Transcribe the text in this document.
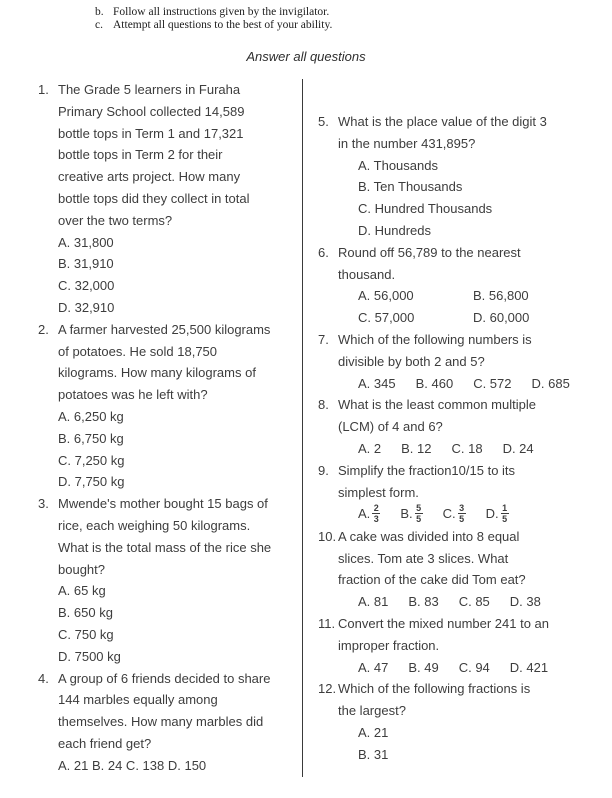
b. Follow all instructions given by the invigilator.
c. Attempt all questions to the best of your ability.
Answer all questions
1. The Grade 5 learners in Furaha
Primary School collected 14,589
bottle tops in Term 1 and 17,321
bottle tops in Term 2 for their
creative arts project. How many
bottle tops did they collect in total
over the two terms?
A. 31,800
B. 31,910
C. 32,000
D. 32,910
2. A farmer harvested 25,500 kilograms
of potatoes. He sold 18,750
kilograms. How many kilograms of
potatoes was he left with?
A. 6,250 kg
B. 6,750 kg
C. 7,250 kg
D. 7,750 kg
3. Mwende's mother bought 15 bags of
rice, each weighing 50 kilograms.
What is the total mass of the rice she
bought?
A. 65 kg
B. 650 kg
C. 750 kg
D. 7500 kg
4. A group of 6 friends decided to share
144 marbles equally among
themselves. How many marbles did
each friend get?
A. 21 B. 24 C. 138 D. 150
5. What is the place value of the digit 3
in the number 431,895?
A. Thousands
B. Ten Thousands
C. Hundred Thousands
D. Hundreds
6. Round off 56,789 to the nearest
thousand.
A. 56,000	B. 56,800
C. 57,000	D. 60,000
7. Which of the following numbers is
divisible by both 2 and 5?
A. 345 B. 460 C. 572 D. 685
8. What is the least common multiple
(LCM) of 4 and 6?
A. 2 B. 12 C. 18 D. 24
9. Simplify the fraction10/15 to its
simplest form.
A. $\frac{2}{3} B$. $\frac{5}{5} C$. $\frac{3}{5} D$. $\frac{1}{5}$
10. A cake was divided into 8 equal
slices. Tom ate 3 slices. What
fraction of the cake did Tom eat?
A. 81 B. 83 C. 85 D. 38
11. Convert the mixed number 241 to an
improper fraction.
A. 47 B. 49 C. 94 D. 421
12. Which of the following fractions is
the largest?
A. 21
B. 31
